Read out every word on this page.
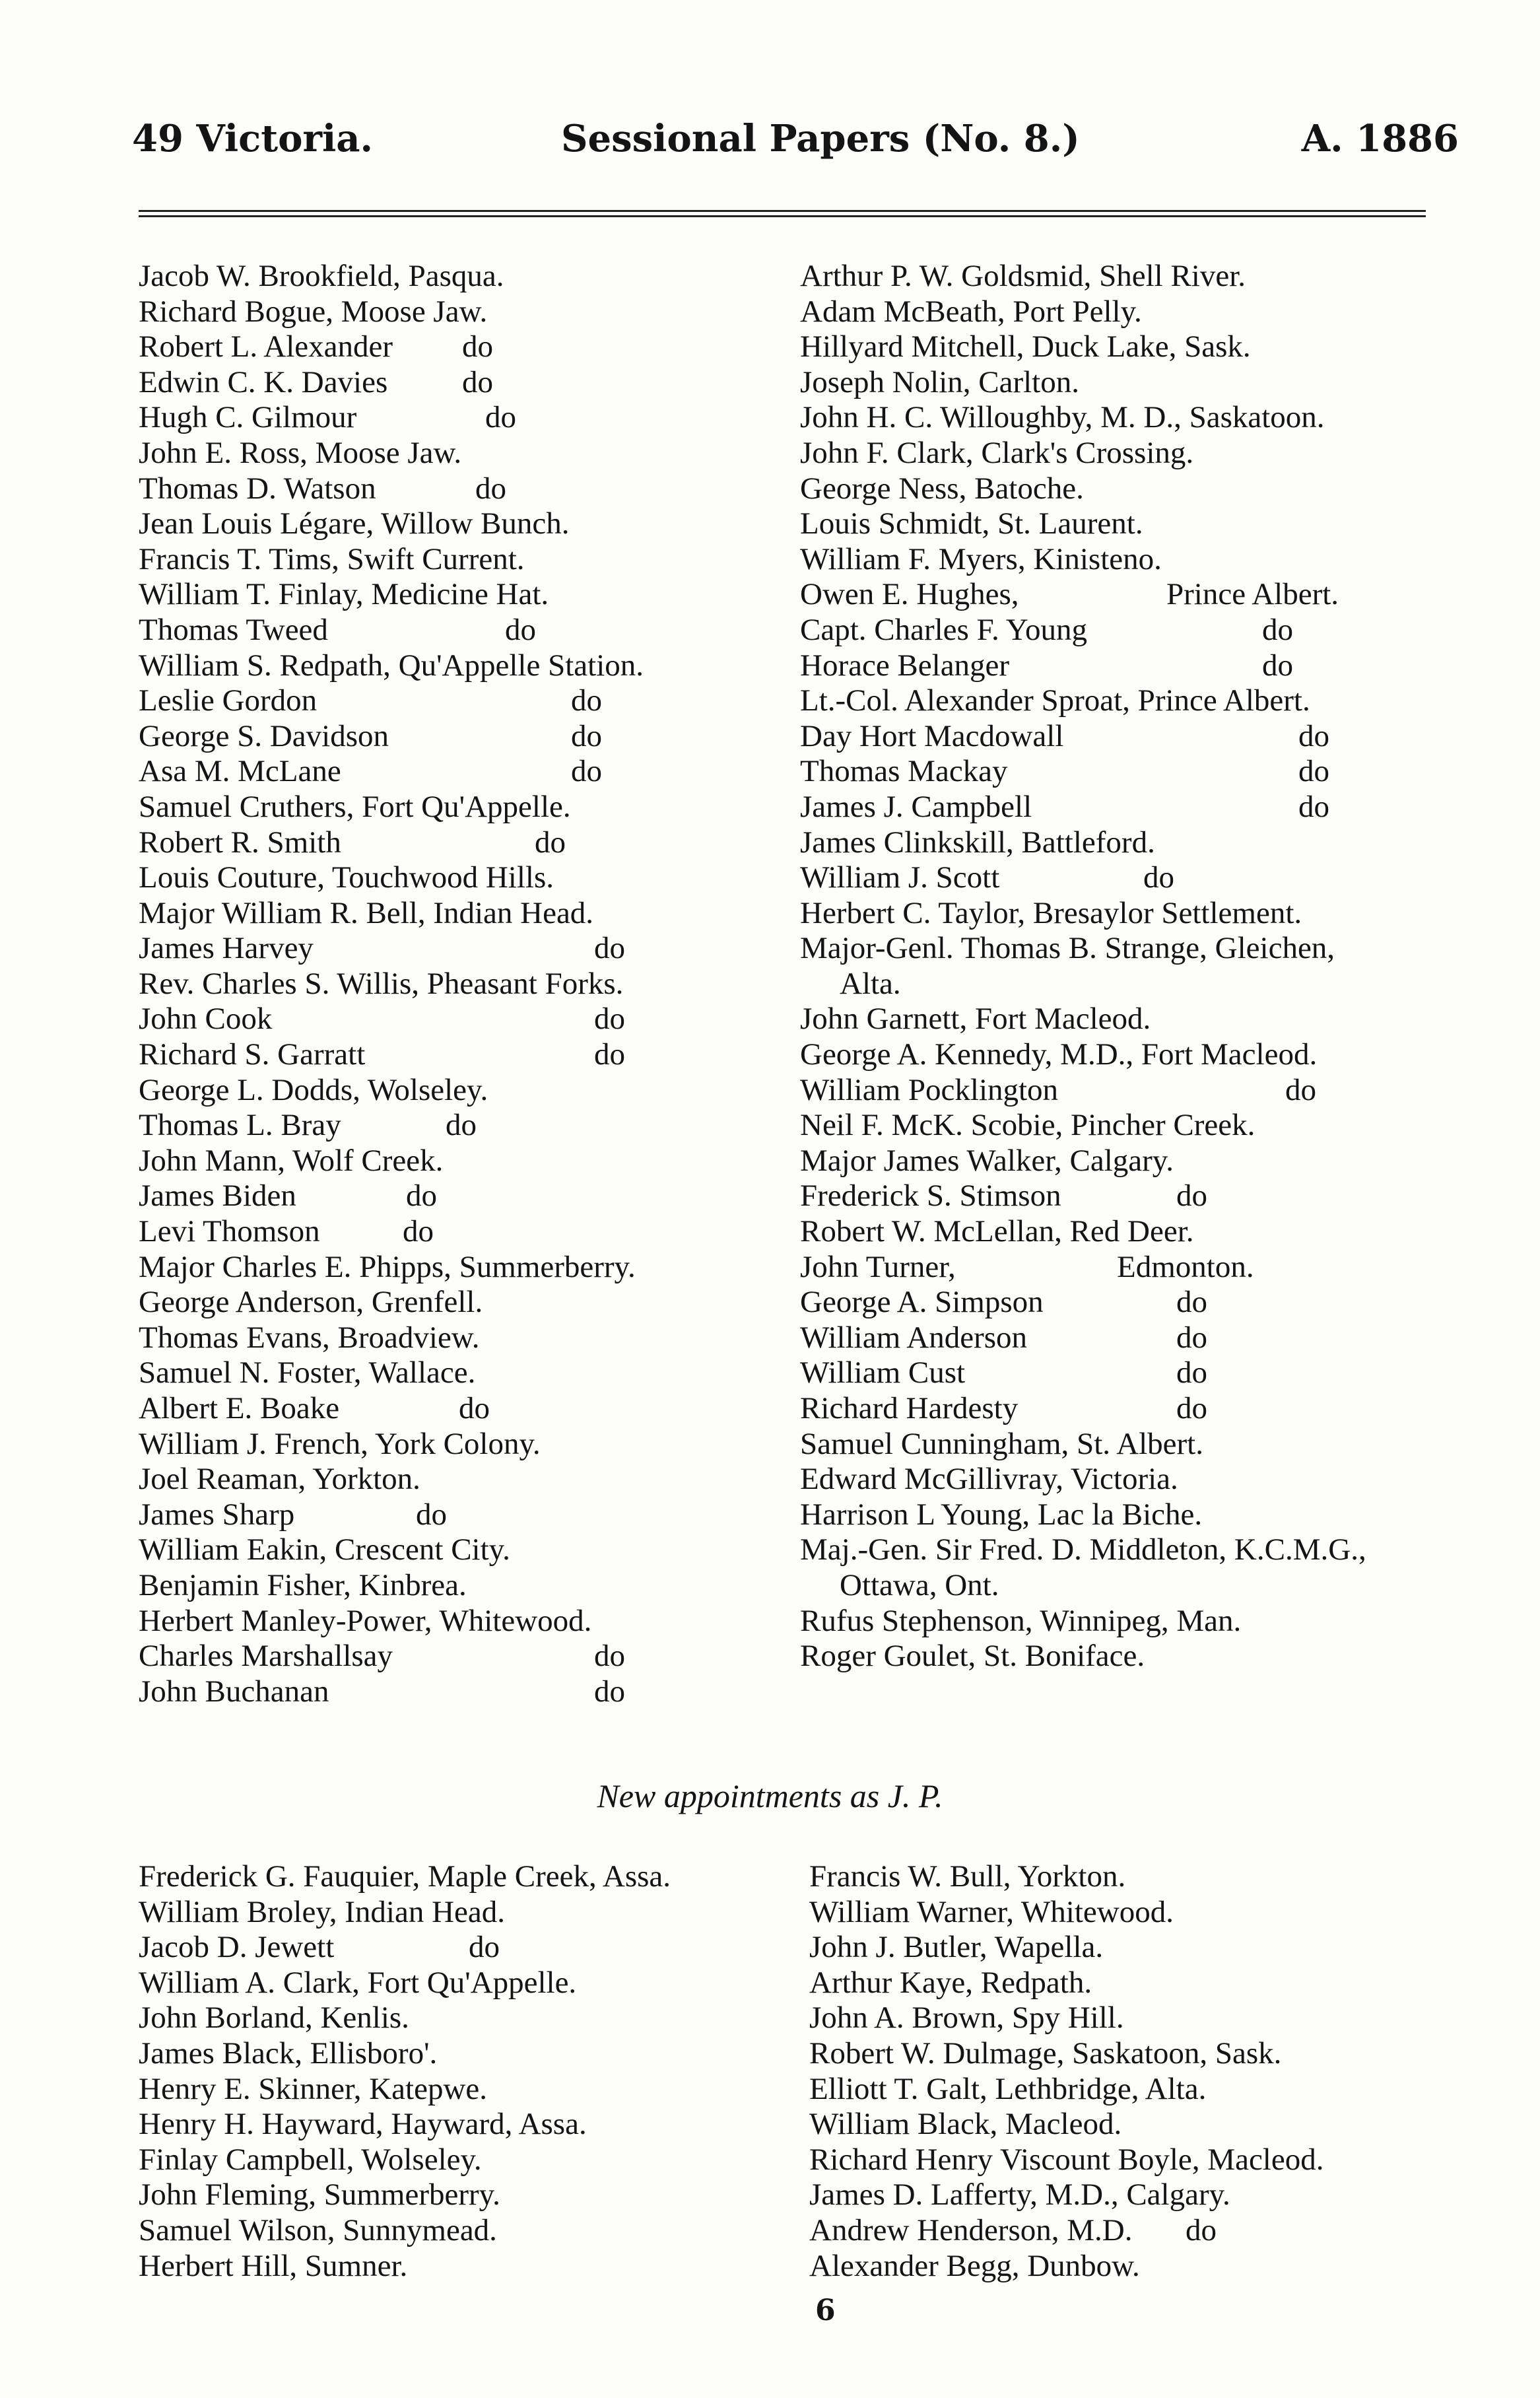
49 Victoria.	Sessional Papers (No. 8.)	A. 1886
Jacob W. Brookfield, Pasqua.
Richard Bogue, Moose Jaw.
Robert L. Alexander do
Edwin C. K. Davies do
Hugh C. Gilmour	do
John E. Ross, Moose Jaw.
Thomas D. Watson	do
Jean Louis Légare, Willow Bunch.
Francis T. Tims, Swift Current.
William T. Finlay, Medicine Hat.
Thomas Tweed	do
William S. Redpath, Qu'Appelle Station.
Leslie Gordon	do
George S. Davidson	do
Asa M. McLane	do
Samuel Cruthers, Fort Qu'Appelle.
Robert R. Smith	do
Louis Couture, Touchwood Hills.
Major William R. Bell, Indian Head.
James Harvey	do
Rev. Charles S. Willis, Pheasant Forks.
John Cook	do
Richard S. Garratt	do
George L. Dodds, Wolseley.
Thomas L. Bray	do
John Mann, Wolf Creek.
James Biden	do
Levi Thomson	do
Major Charles E. Phipps, Summerberry.
George Anderson, Grenfell.
Thomas Evans, Broadview.
Samuel N. Foster, Wallace.
Albert E. Boake	do
William J. French, York Colony.
Joel Reaman, Yorkton.
James Sharp	do
William Eakin, Crescent City.
Benjamin Fisher, Kinbrea.
Herbert Manley-Power, Whitewood.
Charles Marshallsay	do
John Buchanan	do
Arthur P. W. Goldsmid, Shell River.
Adam McBeath, Port Pelly.
Hillyard Mitchell, Duck Lake, Sask.
Joseph Nolin, Carlton.
John H. C. Willoughby, M. D., Saskatoon.
John F. Clark, Clark's Crossing.
George Ness, Batoche.
Louis Schmidt, St. Laurent.
William F. Myers, Kinisteno.
Owen E. Hughes,	Prince Albert.
Capt. Charles F. Young	do
Horace Belanger	do
Lt.-Col. Alexander Sproat, Prince Albert.
Day Hort Macdowall	do
Thomas Mackay	do
James J. Campbell	do
James Clinkskill, Battleford.
William J. Scott	do
Herbert C. Taylor, Bresaylor Settlement.
Major-Genl. Thomas B. Strange, Gleichen,
Alta.
John Garnett, Fort Macleod.
George A. Kennedy, M.D., Fort Macleod.
William Pocklington	do
Neil F. McK. Scobie, Pincher Creek.
Major James Walker, Calgary.
Frederick S. Stimson	do
Robert W. McLellan, Red Deer.
John Turner,	Edmonton.
George A. Simpson	do
William Anderson	do
William Cust	do
Richard Hardesty	do
Samuel Cunningham, St. Albert.
Edward McGillivray, Victoria.
Harrison L Young, Lac la Biche.
Maj.-Gen. Sir Fred. D. Middleton, K.C.M.G.,
Ottawa, Ont.
Rufus Stephenson, Winnipeg, Man.
Roger Goulet, St. Boniface.
New appointments as J. P.
Frederick G. Fauquier, Maple Creek, Assa.
William Broley, Indian Head.
Jacob D. Jewett	do
William A. Clark, Fort Qu'Appelle.
John Borland, Kenlis.
James Black, Ellisboro'.
Henry E. Skinner, Katepwe.
Henry H. Hayward, Hayward, Assa.
Finlay Campbell, Wolseley.
John Fleming, Summerberry.
Samuel Wilson, Sunnymead.
Herbert Hill, Sumner.
Francis W. Bull, Yorkton.
William Warner, Whitewood.
John J. Butler, Wapella.
Arthur Kaye, Redpath.
John A. Brown, Spy Hill.
Robert W. Dulmage, Saskatoon, Sask.
Elliott T. Galt, Lethbridge, Alta.
William Black, Macleod.
Richard Henry Viscount Boyle, Macleod.
James D. Lafferty, M.D., Calgary.
Andrew Henderson, M.D. do
Alexander Begg, Dunbow.
6
